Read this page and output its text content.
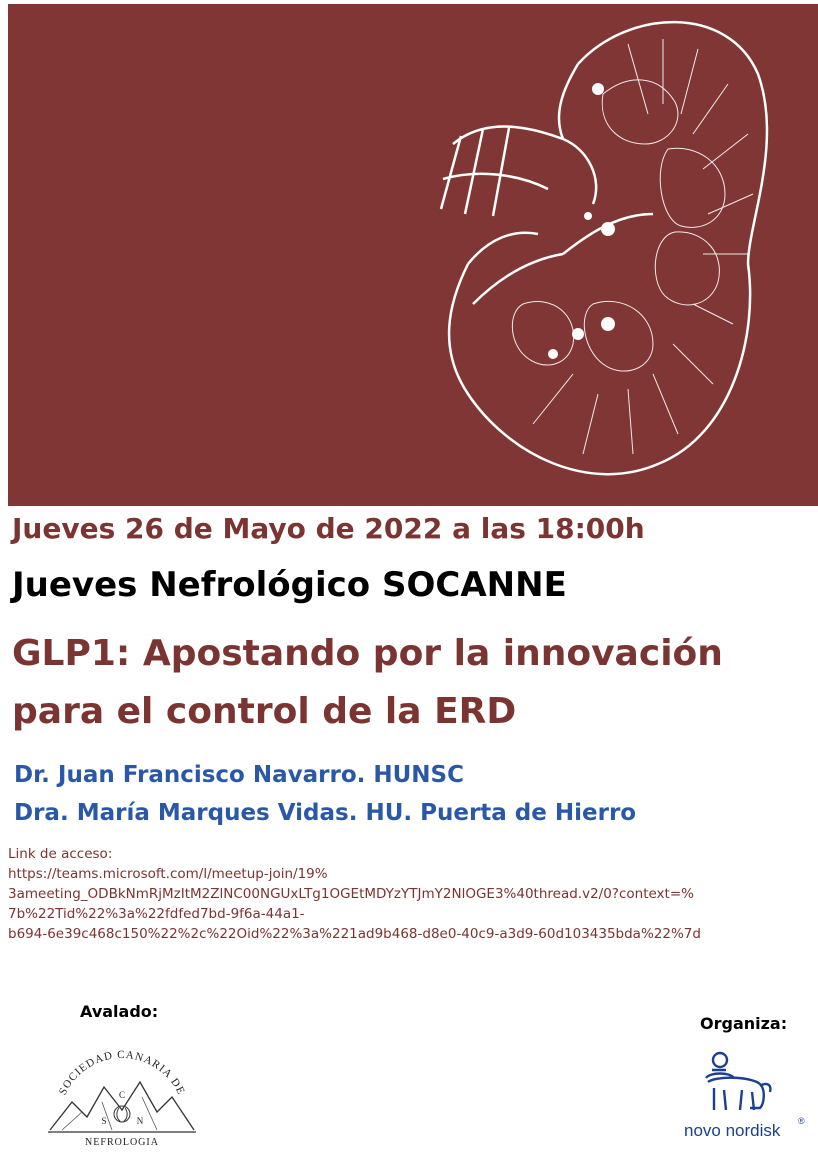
Jueves 26 de Mayo de 2022 a las 18:00h
Jueves Nefrológico SOCANNE
GLP1: Apostando por la innovación
para el control de la ERD
Dr. Juan Francisco Navarro. HUNSC
Dra. María Marques Vidas. HU. Puerta de Hierro
Link de acceso:
https://teams.microsoft.com/l/meetup-join/19%
3ameeting_ODBkNmRjMzItM2ZlNC00NGUxLTg1OGEtMDYzYTJmY2NlOGE3%40thread.v2/0?context=%
7b%22Tid%22%3a%22fdfed7bd-9f6a-44a1-
b694-6e39c468c150%22%2c%22Oid%22%3a%221ad9b468-d8e0-40c9-a3d9-60d103435bda%22%7d
Avalado:
Organiza:
SOCIEDAD CANARIA DE
C
S	N
NEFROLOGIA
novo nordisk ®
